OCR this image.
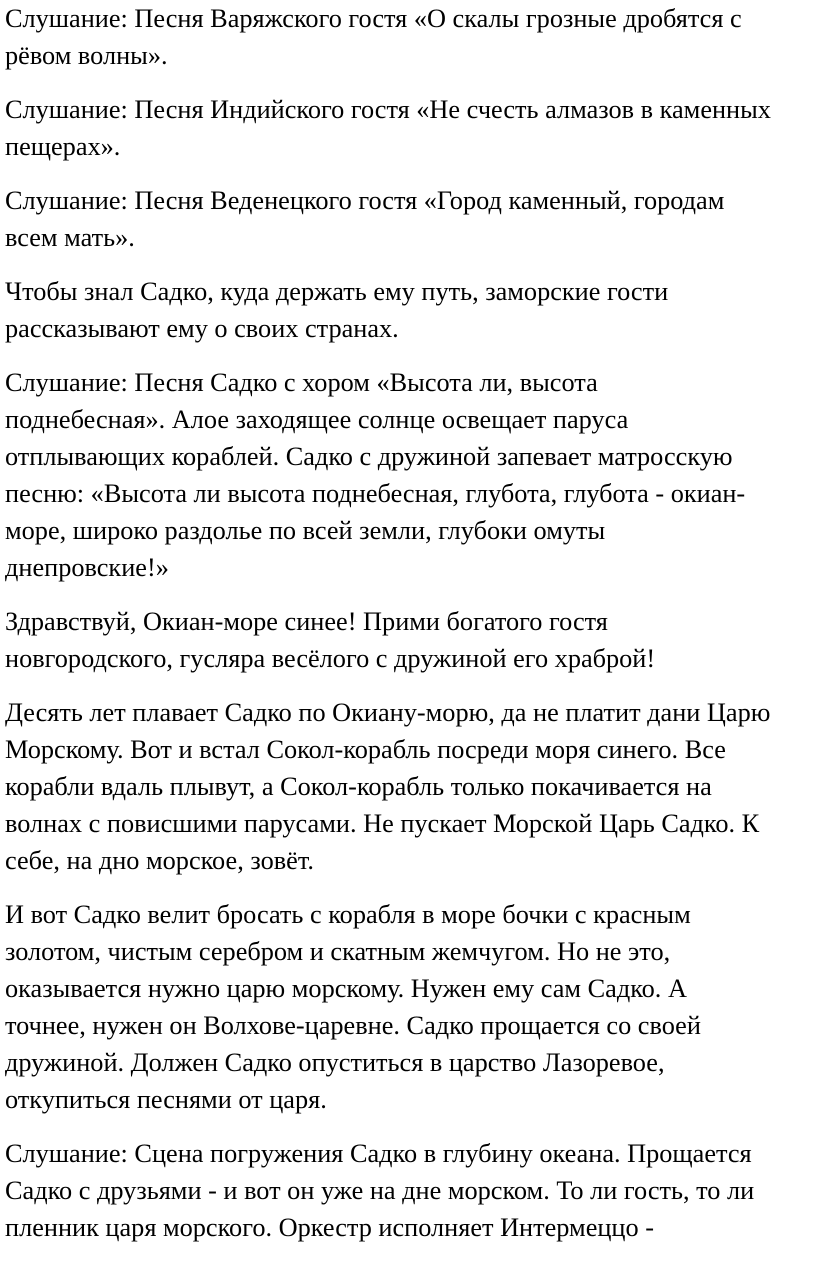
Слушание: Песня Варяжского гостя «О скалы грозные дробятся с
рёвом волны».

Слушание: Песня Индийского гостя «Не счесть алмазов в каменных
пещерах».

Слушание: Песня Веденецкого гостя «Город каменный, городам
всем мать».

Чтобы знал Садко, куда держать ему путь, заморские гости
рассказывают ему о своих странах.

Слушание: Песня Садко с хором «Высота ли, высота
поднебесная». Алое заходящее солнце освещает паруса
отплывающих кораблей. Садко с дружиной запевает матросскую
песню: «Высота ли высота поднебесная, глубота, глубота - окиан-
море, широко раздолье по всей земли, глубоки омуты
днепровские!»

Здравствуй, Окиан-море синее! Прими богатого гостя
новгородского, гусляра весёлого с дружиной его храброй!

Десять лет плавает Садко по Окиану-морю, да не платит дани Царю
Морскому. Вот и встал Сокол-корабль посреди моря синего. Все
корабли вдаль плывут, а Сокол-корабль только покачивается на
волнах с повисшими парусами. Не пускает Морской Царь Садко. К
себе, на дно морское, зовёт.

И вот Садко велит бросать с корабля в море бочки с красным
золотом, чистым серебром и скатным жемчугом. Но не это,
оказывается нужно царю морскому. Нужен ему сам Садко. А
точнее, нужен он Волхове-царевне. Садко прощается со своей
дружиной. Должен Садко опуститься в царство Лазоревое,
откупиться песнями от царя.

Слушание: Сцена погружения Садко в глубину океана. Прощается
Садко с друзьями - и вот он уже на дне морском. То ли гость, то ли
пленник царя морского. Оркестр исполняет Интермеццо -
